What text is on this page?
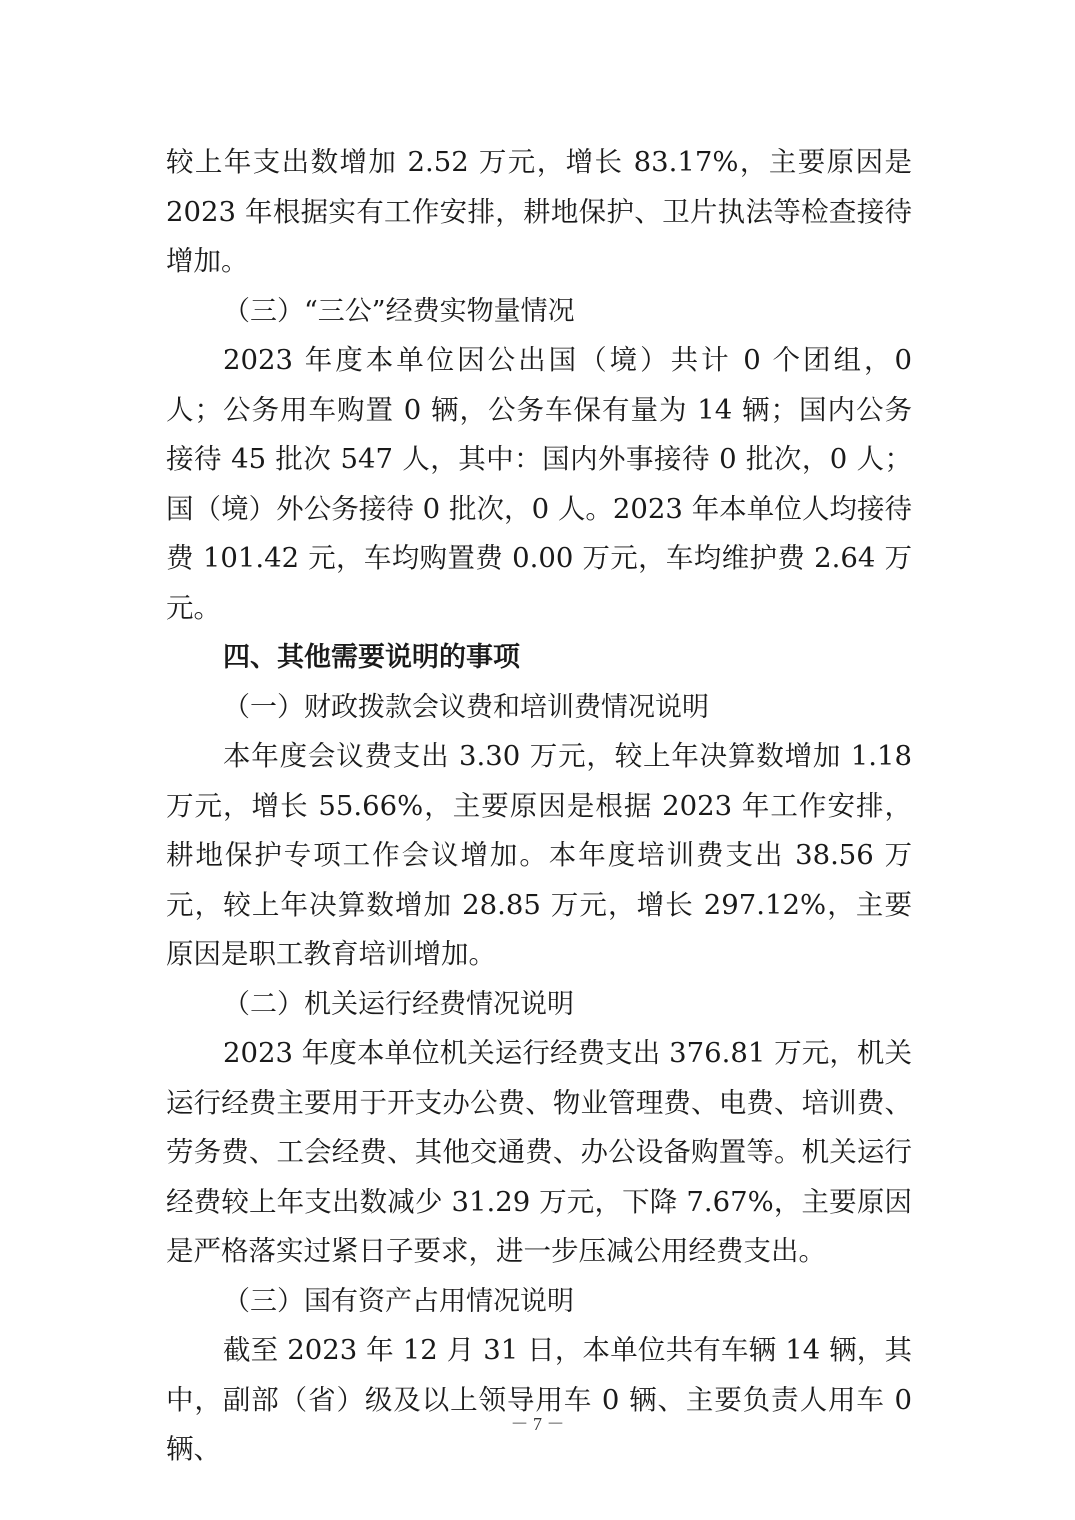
较上年支出数增加 2.52 万元，增长 83.17%，主要原因是 2023 年根据实有工作安排，耕地保护、卫片执法等检查接待增加。

（三）“三公”经费实物量情况

2023 年度本单位因公出国（境）共计 0 个团组，0 人；公务用车购置 0 辆，公务车保有量为 14 辆；国内公务接待 45 批次 547 人，其中：国内外事接待 0 批次，0 人；国（境）外公务接待 0 批次，0 人。2023 年本单位人均接待费 101.42 元，车均购置费 0.00 万元，车均维护费 2.64 万元。

四、其他需要说明的事项

（一）财政拨款会议费和培训费情况说明

本年度会议费支出 3.30 万元，较上年决算数增加 1.18 万元，增长 55.66%，主要原因是根据 2023 年工作安排，耕地保护专项工作会议增加。本年度培训费支出 38.56 万元，较上年决算数增加 28.85 万元，增长 297.12%，主要原因是职工教育培训增加。

（二）机关运行经费情况说明

2023 年度本单位机关运行经费支出 376.81 万元，机关运行经费主要用于开支办公费、物业管理费、电费、培训费、劳务费、工会经费、其他交通费、办公设备购置等。机关运行经费较上年支出数减少 31.29 万元，下降 7.67%，主要原因是严格落实过紧日子要求，进一步压减公用经费支出。

（三）国有资产占用情况说明

截至 2023 年 12 月 31 日，本单位共有车辆 14 辆，其中，副部（省）级及以上领导用车 0 辆、主要负责人用车 0 辆、

－ 7 －
